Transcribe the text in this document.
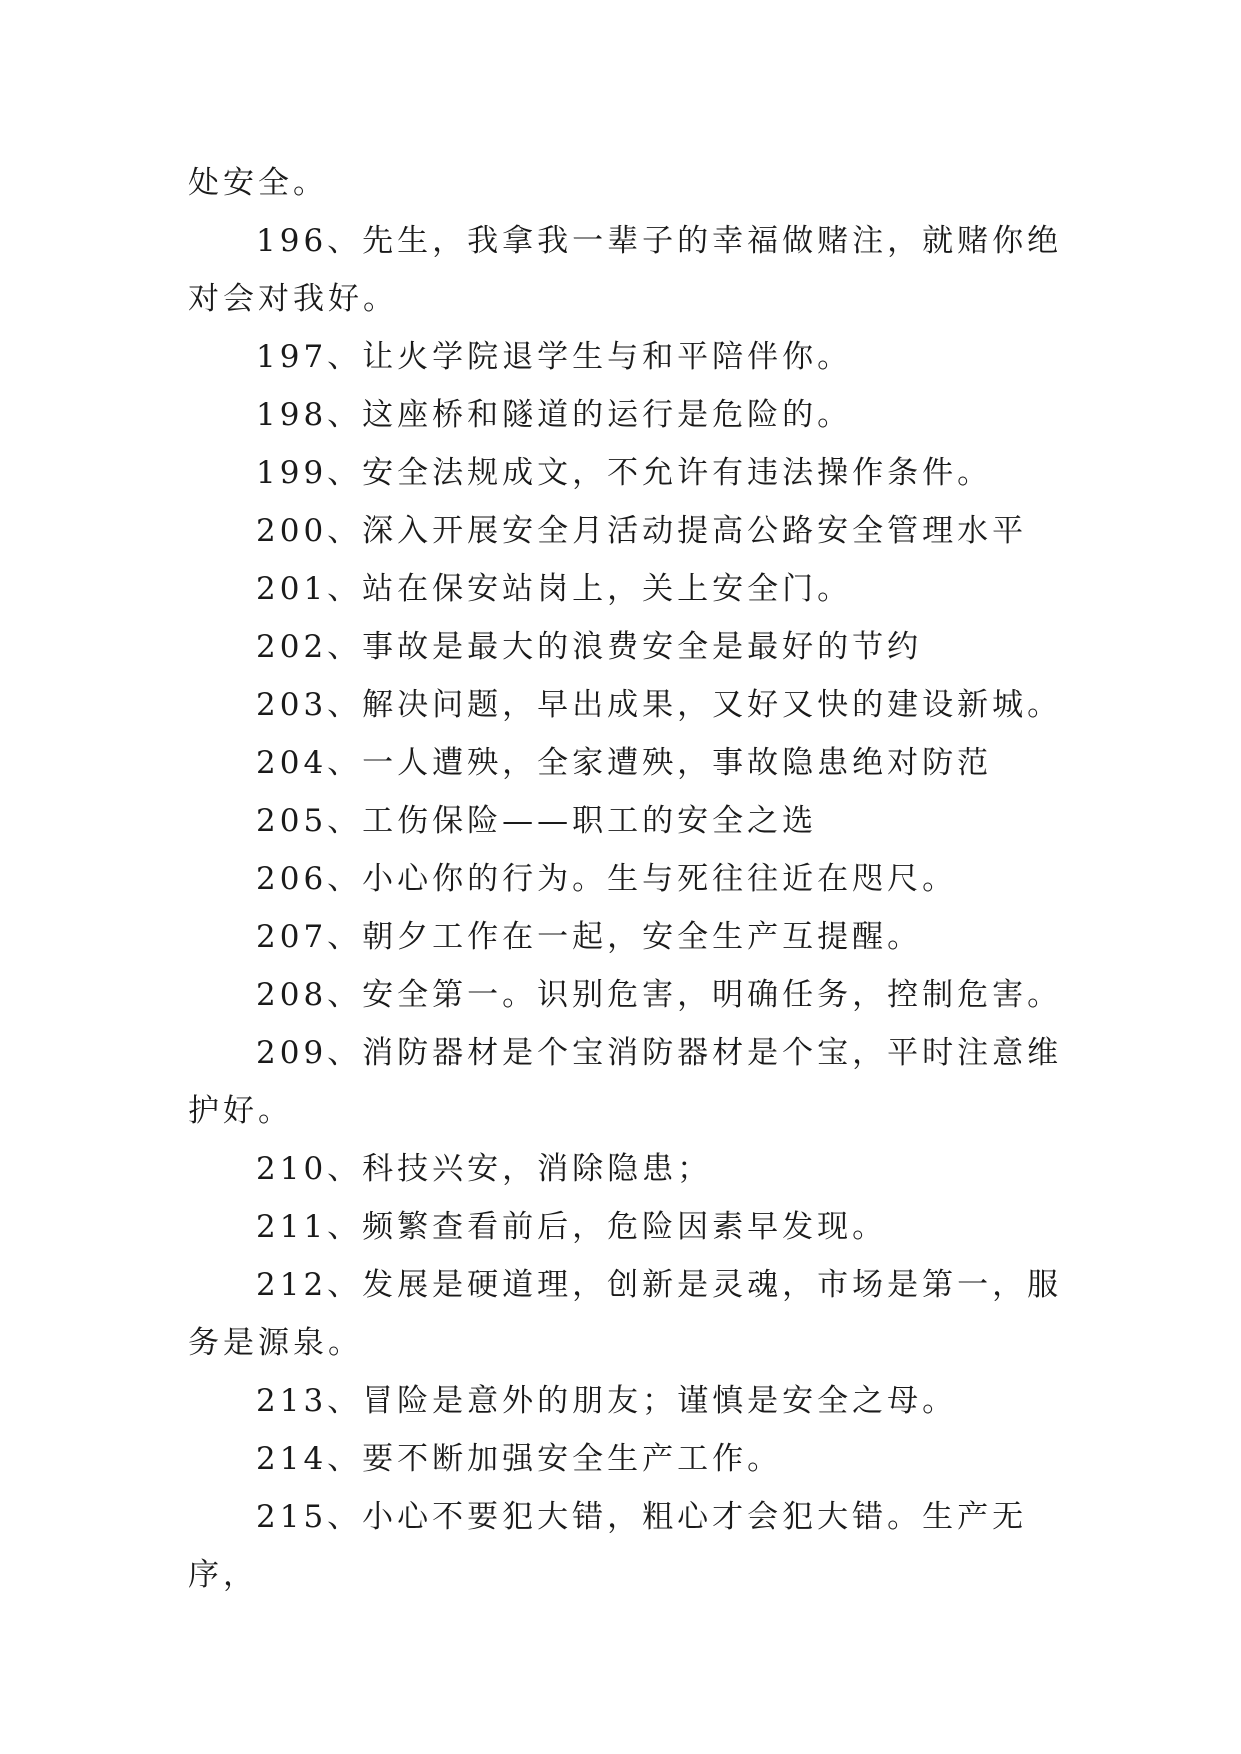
处安全。

196、先生，我拿我一辈子的幸福做赌注，就赌你绝对会对我好。

197、让火学院退学生与和平陪伴你。

198、这座桥和隧道的运行是危险的。

199、安全法规成文，不允许有违法操作条件。

200、深入开展安全月活动提高公路安全管理水平

201、站在保安站岗上，关上安全门。

202、事故是最大的浪费安全是最好的节约

203、解决问题，早出成果，又好又快的建设新城。

204、一人遭殃，全家遭殃，事故隐患绝对防范

205、工伤保险——职工的安全之选

206、小心你的行为。生与死往往近在咫尺。

207、朝夕工作在一起，安全生产互提醒。

208、安全第一。识别危害，明确任务，控制危害。

209、消防器材是个宝消防器材是个宝，平时注意维护好。

210、科技兴安，消除隐患；

211、频繁查看前后，危险因素早发现。

212、发展是硬道理，创新是灵魂，市场是第一，服务是源泉。

213、冒险是意外的朋友；谨慎是安全之母。

214、要不断加强安全生产工作。

215、小心不要犯大错，粗心才会犯大错。生产无序，
